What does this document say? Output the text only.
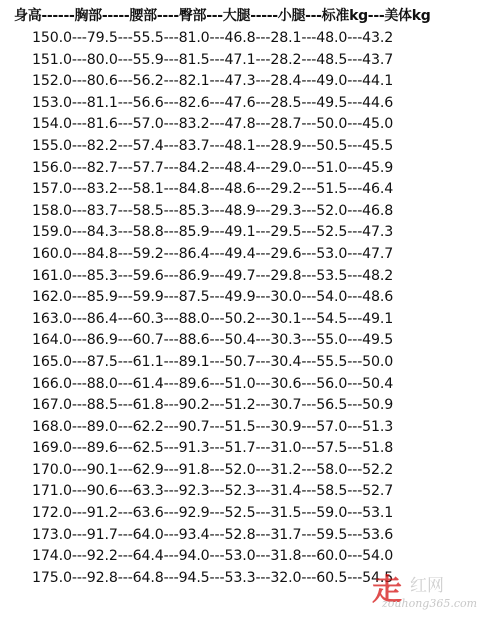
身高------胸部-----腰部----臀部---大腿-----小腿---标准kg---美体kg
150.0---79.5---55.5---81.0---46.8---28.1---48.0---43.2
151.0---80.0---55.9---81.5---47.1---28.2---48.5---43.7
152.0---80.6---56.2---82.1---47.3---28.4---49.0---44.1
153.0---81.1---56.6---82.6---47.6---28.5---49.5---44.6
154.0---81.6---57.0---83.2---47.8---28.7---50.0---45.0
155.0---82.2---57.4---83.7---48.1---28.9---50.5---45.5
156.0---82.7---57.7---84.2---48.4---29.0---51.0---45.9
157.0---83.2---58.1---84.8---48.6---29.2---51.5---46.4
158.0---83.7---58.5---85.3---48.9---29.3---52.0---46.8
159.0---84.3---58.8---85.9---49.1---29.5---52.5---47.3
160.0---84.8---59.2---86.4---49.4---29.6---53.0---47.7
161.0---85.3---59.6---86.9---49.7---29.8---53.5---48.2
162.0---85.9---59.9---87.5---49.9---30.0---54.0---48.6
163.0---86.4---60.3---88.0---50.2---30.1---54.5---49.1
164.0---86.9---60.7---88.6---50.4---30.3---55.0---49.5
165.0---87.5---61.1---89.1---50.7---30.4---55.5---50.0
166.0---88.0---61.4---89.6---51.0---30.6---56.0---50.4
167.0---88.5---61.8---90.2---51.2---30.7---56.5---50.9
168.0---89.0---62.2---90.7---51.5---30.9---57.0---51.3
169.0---89.6---62.5---91.3---51.7---31.0---57.5---51.8
170.0---90.1---62.9---91.8---52.0---31.2---58.0---52.2
171.0---90.6---63.3---92.3---52.3---31.4---58.5---52.7
172.0---91.2---63.6---92.9---52.5---31.5---59.0---53.1
173.0---91.7---64.0---93.4---52.8---31.7---59.5---53.6
174.0---92.2---64.4---94.0---53.0---31.8---60.0---54.0
175.0---92.8---64.8---94.5---53.3---32.0---60.5---54.5
走 红网
zouhong365.com
